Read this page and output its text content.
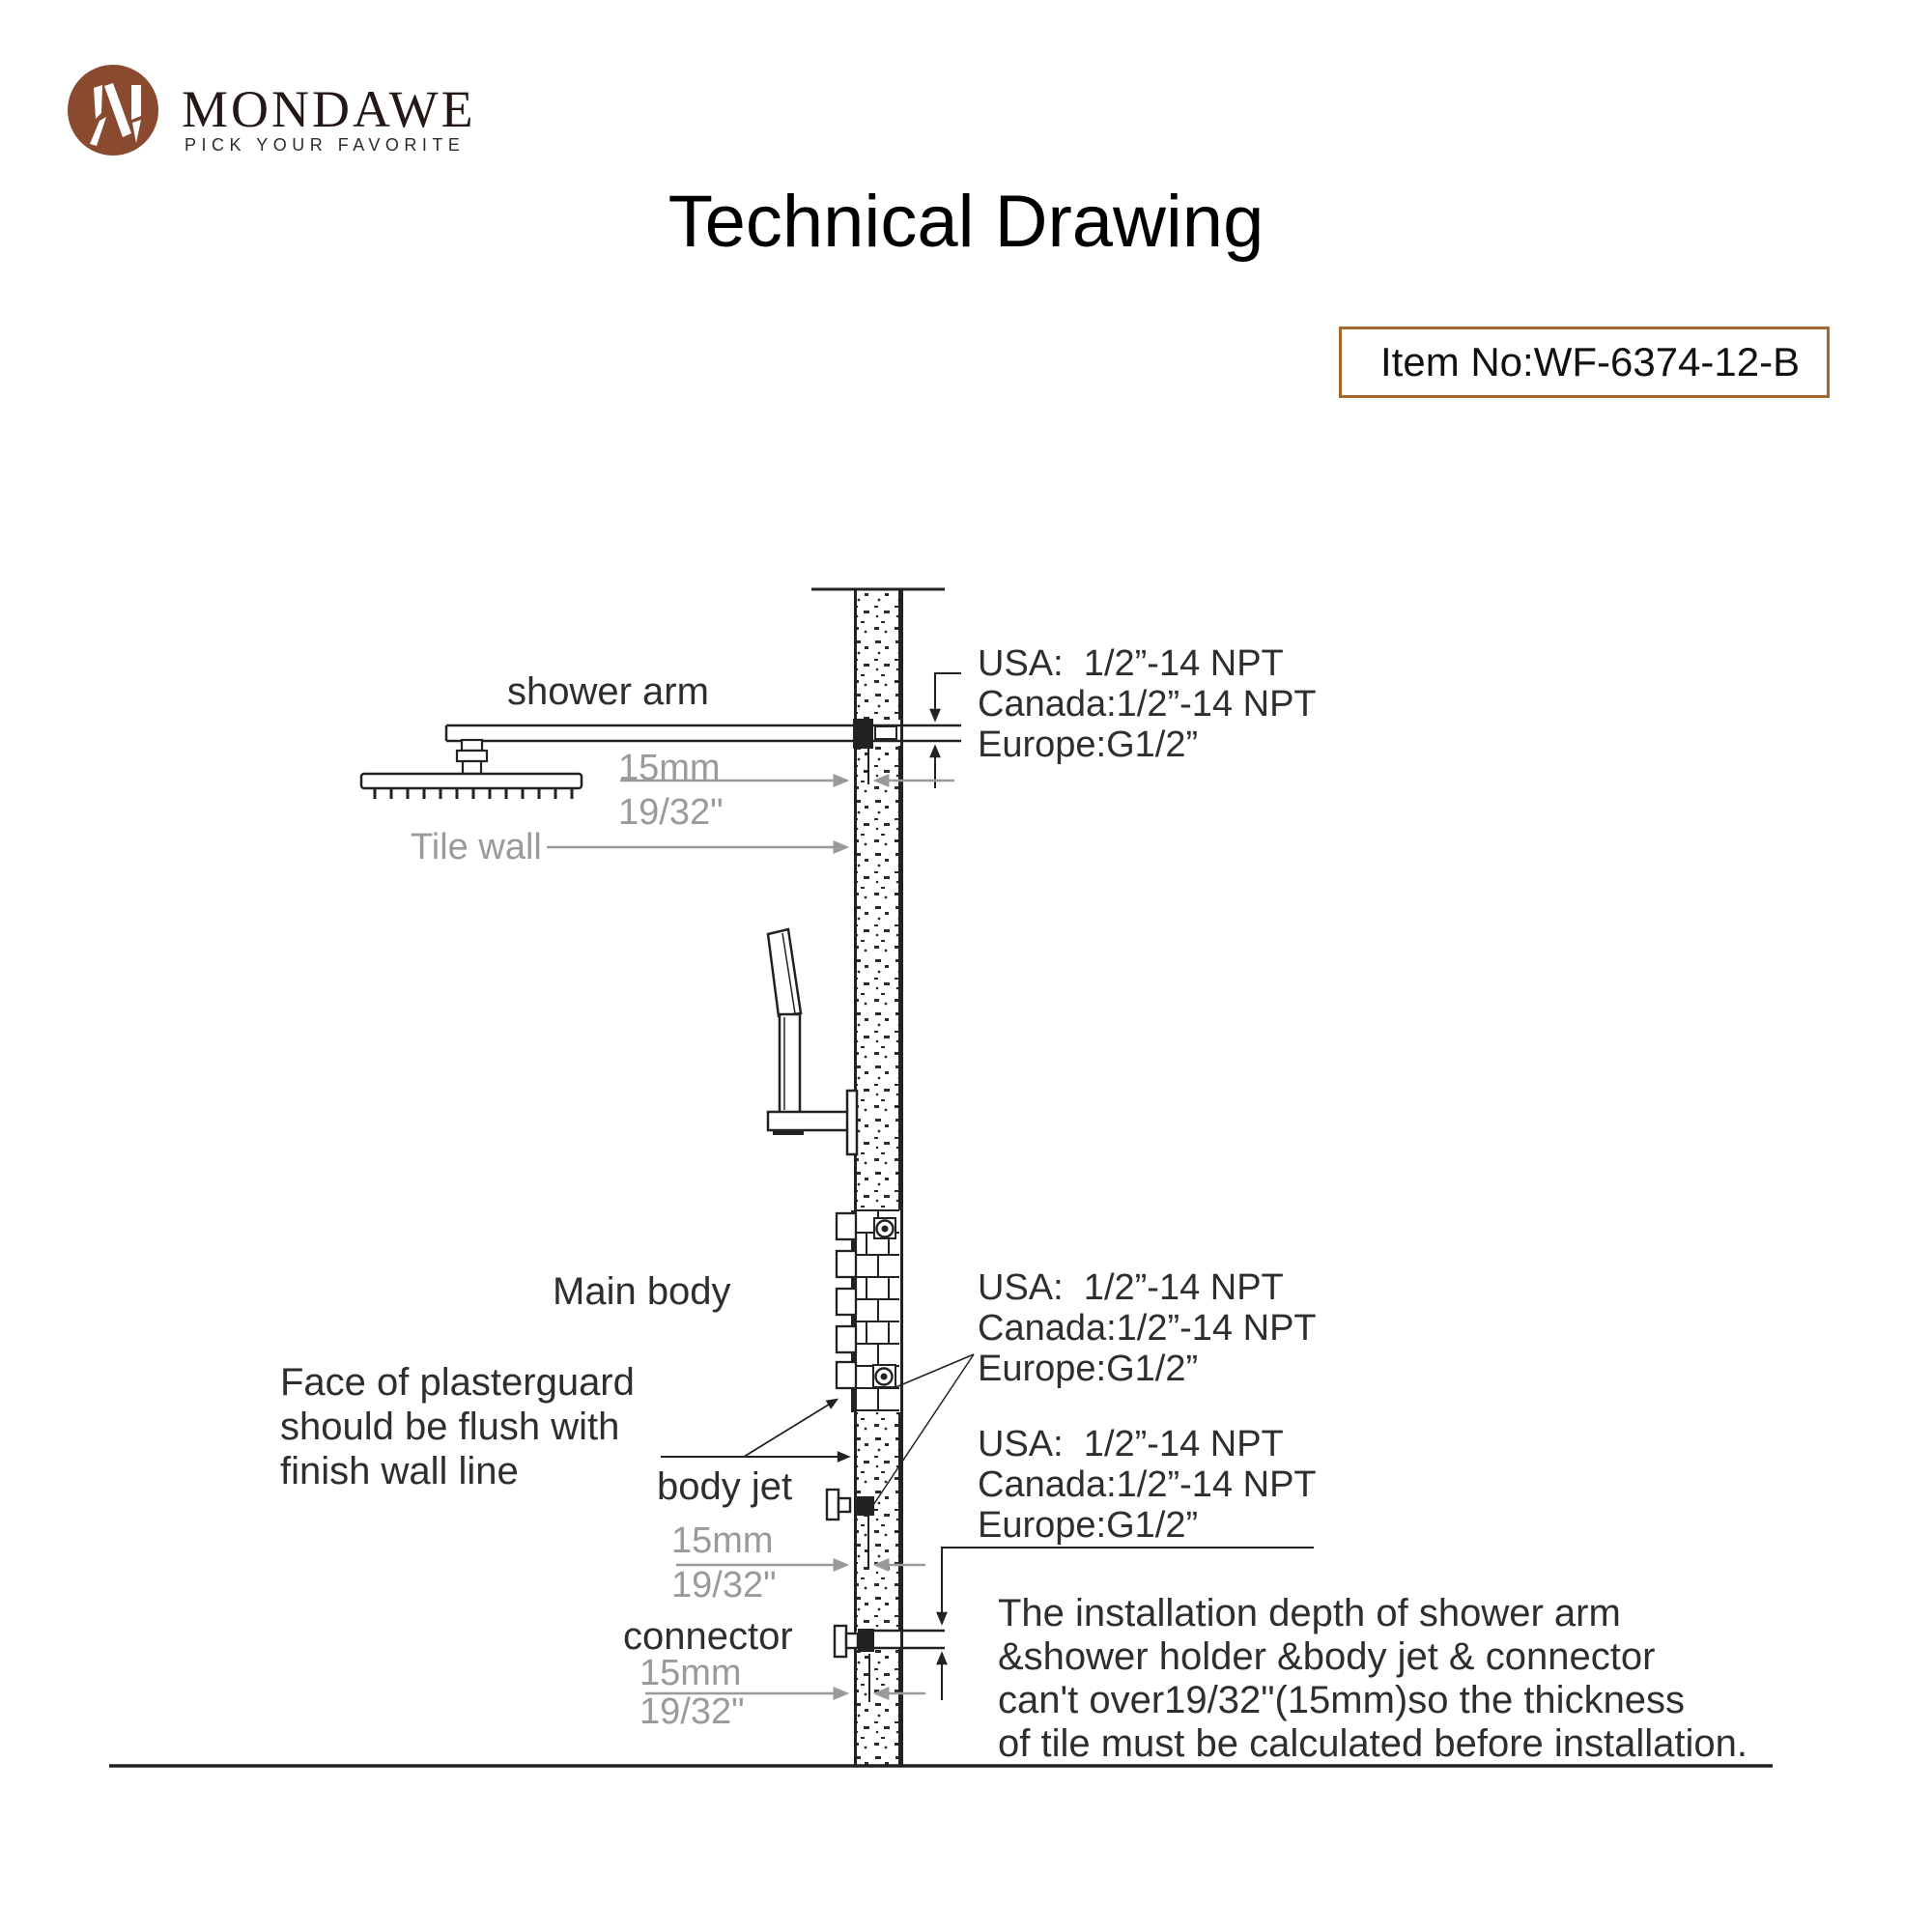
MONDAWE
PICK YOUR FAVORITE
Technical Drawing
Item No:WF-6374-12-B
shower arm
USA:  1/2”-14 NPT
Canada:1/2”-14 NPT
Europe:G1/2”
15mm
19/32"
Tile wall
Main body
Face of plasterguard
should be flush with
finish wall line
USA:  1/2”-14 NPT
Canada:1/2”-14 NPT
Europe:G1/2”
USA:  1/2”-14 NPT
Canada:1/2”-14 NPT
Europe:G1/2”
body jet
15mm
19/32"
connector
15mm
19/32"
The installation depth of shower arm
&shower holder &body jet & connector
can't over19/32"(15mm)so the thickness
of tile must be calculated before installation.
